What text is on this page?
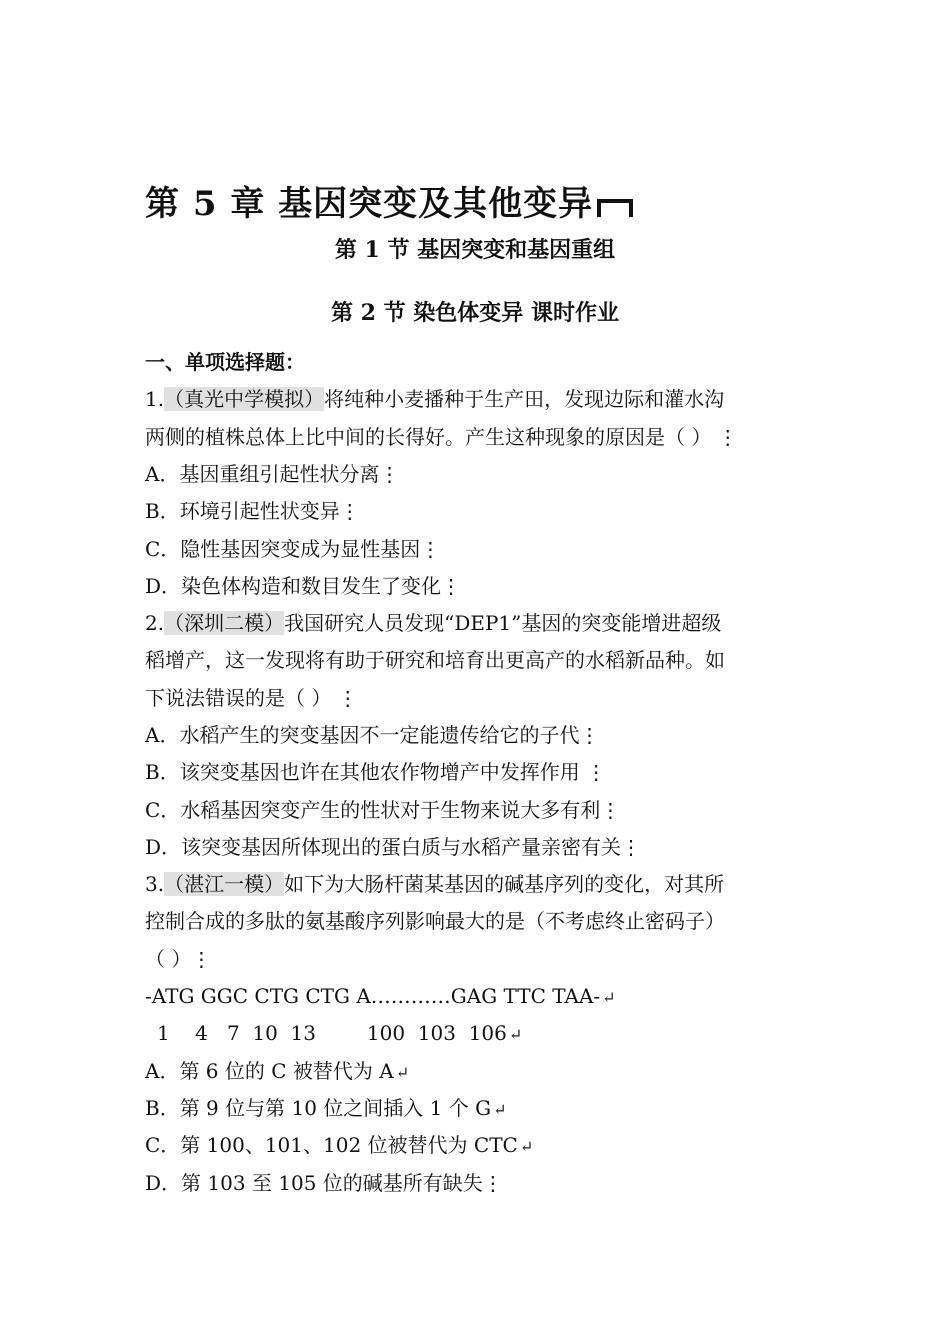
第 5 章 基因突变及其他变异
第 1 节 基因突变和基因重组
第 2 节 染色体变异 课时作业
一、单项选择题：
1.（真光中学模拟）将纯种小麦播种于生产田，发现边际和灌水沟
两侧的植株总体上比中间的长得好。产生这种现象的原因是（ ） ⋮
A．基因重组引起性状分离⋮
B．环境引起性状变异⋮
C．隐性基因突变成为显性基因⋮
D．染色体构造和数目发生了变化⋮
2.（深圳二模）我国研究人员发现“DEP1”基因的突变能增进超级
稻增产，这一发现将有助于研究和培育出更高产的水稻新品种。如
下说法错误的是（ ） ⋮
A．水稻产生的突变基因不一定能遗传给它的子代⋮
B．该突变基因也许在其他农作物增产中发挥作用 ⋮
C．水稻基因突变产生的性状对于生物来说大多有利⋮
D．该突变基因所体现出的蛋白质与水稻产量亲密有关⋮
3.（湛江一模）如下为大肠杆菌某基因的碱基序列的变化，对其所
控制合成的多肽的氨基酸序列影响最大的是（不考虑终止密码子）
（ ）⋮
-ATG GGC CTG CTG A…………GAG TTC TAA- ↵
1    4   7  10  13        100  103  106 ↵
A．第 6 位的 C 被替代为 A ↵
B．第 9 位与第 10 位之间插入 1 个 G ↵
C．第 100、101、102 位被替代为 CTC ↵
D．第 103 至 105 位的碱基所有缺失⋮
